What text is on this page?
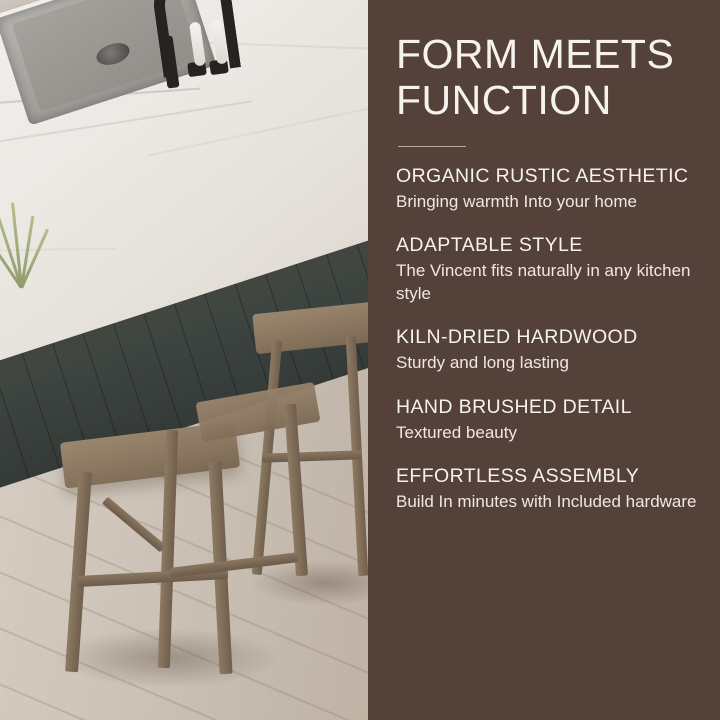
FORM MEETS FUNCTION

ORGANIC RUSTIC AESTHETIC

Bringing warmth Into your home

ADAPTABLE STYLE

The Vincent fits naturally in any kitchen style

KILN-DRIED HARDWOOD

Sturdy and long lasting

HAND BRUSHED DETAIL

Textured beauty

EFFORTLESS ASSEMBLY

Build In minutes with Included hardware
